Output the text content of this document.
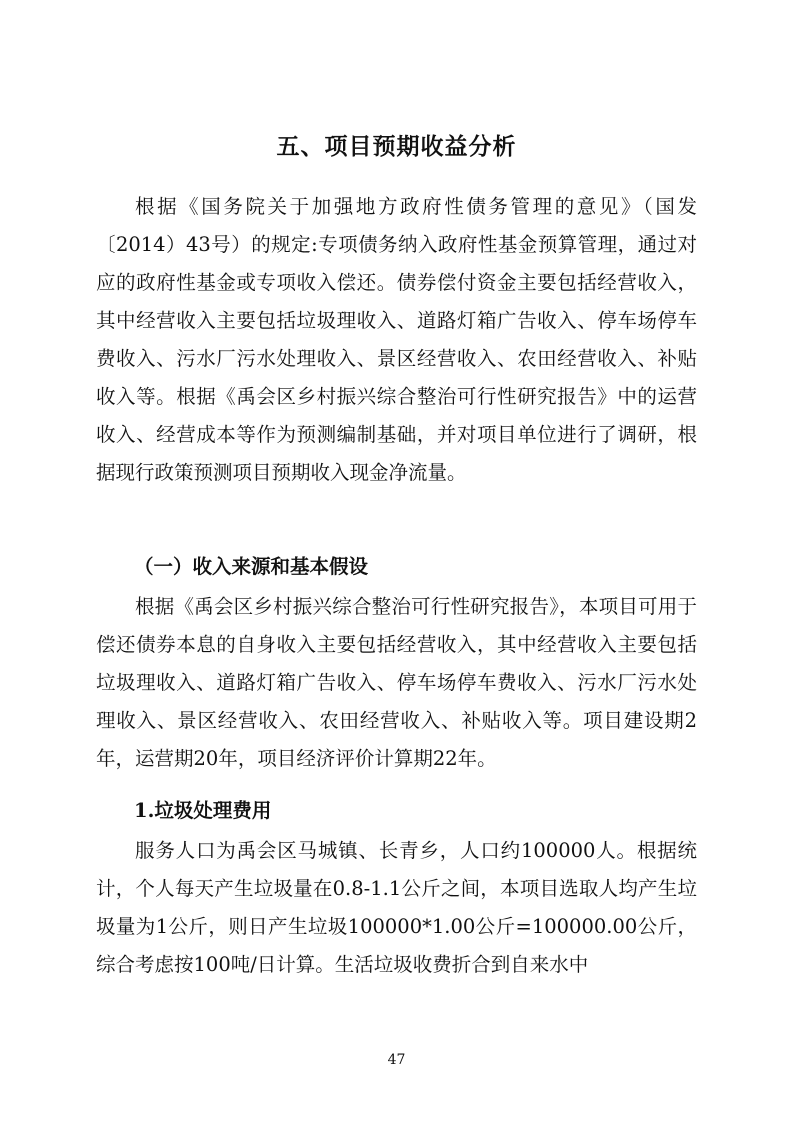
五、项目预期收益分析

根据《国务院关于加强地方政府性债务管理的意见》（国发〔2014）43号）的规定:专项债务纳入政府性基金预算管理，通过对应的政府性基金或专项收入偿还。债券偿付资金主要包括经营收入，其中经营收入主要包括垃圾理收入、道路灯箱广告收入、停车场停车费收入、污水厂污水处理收入、景区经营收入、农田经营收入、补贴收入等。根据《禹会区乡村振兴综合整治可行性研究报告》中的运营收入、经营成本等作为预测编制基础，并对项目单位进行了调研，根据现行政策预测项目预期收入现金净流量。

（一）收入来源和基本假设

根据《禹会区乡村振兴综合整治可行性研究报告》，本项目可用于偿还债券本息的自身收入主要包括经营收入，其中经营收入主要包括垃圾理收入、道路灯箱广告收入、停车场停车费收入、污水厂污水处理收入、景区经营收入、农田经营收入、补贴收入等。项目建设期2年，运营期20年，项目经济评价计算期22年。

1.垃圾处理费用

服务人口为禹会区马城镇、长青乡，人口约100000人。根据统计，个人每天产生垃圾量在0.8-1.1公斤之间，本项目选取人均产生垃圾量为1公斤，则日产生垃圾100000*1.00公斤=100000.00公斤，综合考虑按100吨/日计算。生活垃圾收费折合到自来水中

47
